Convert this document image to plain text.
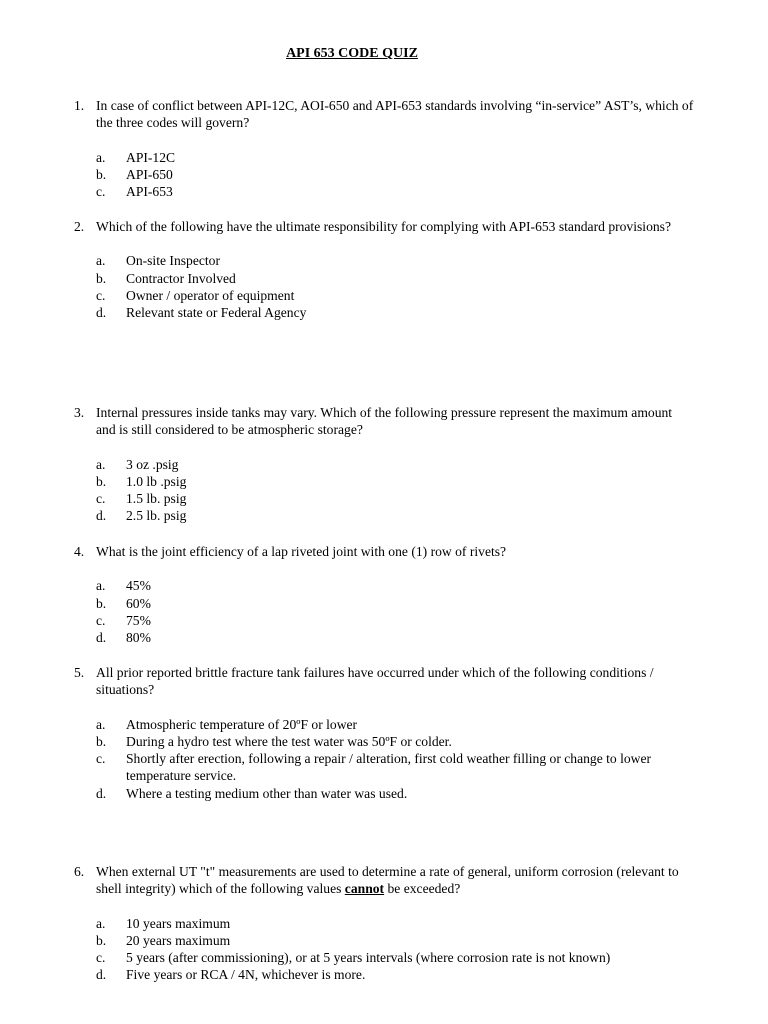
API 653 CODE QUIZ
1. In case of conflict between API-12C, AOI-650 and API-653 standards involving “in-service” AST’s, which of the three codes will govern?
a. API-12C
b. API-650
c. API-653
2. Which of the following have the ultimate responsibility for complying with API-653 standard provisions?
a. On-site Inspector
b. Contractor Involved
c. Owner / operator of equipment
d. Relevant state or Federal Agency
3. Internal pressures inside tanks may vary. Which of the following pressure represent the maximum amount and is still considered to be atmospheric storage?
a. 3 oz .psig
b. 1.0 lb .psig
c. 1.5 lb. psig
d. 2.5 lb. psig
4. What is the joint efficiency of a lap riveted joint with one (1) row of rivets?
a. 45%
b. 60%
c. 75%
d. 80%
5. All prior reported brittle fracture tank failures have occurred under which of the following conditions / situations?
a. Atmospheric temperature of 20ºF or lower
b. During a hydro test where the test water was 50ºF or colder.
c. Shortly after erection, following a repair / alteration, first cold weather filling or change to lower temperature service.
d. Where a testing medium other than water was used.
6. When external UT "t" measurements are used to determine a rate of general, uniform corrosion (relevant to shell integrity) which of the following values cannot be exceeded?
a. 10 years maximum
b. 20 years maximum
c. 5 years (after commissioning), or at 5 years intervals (where corrosion rate is not known)
d. Five years or RCA / 4N, whichever is more.
